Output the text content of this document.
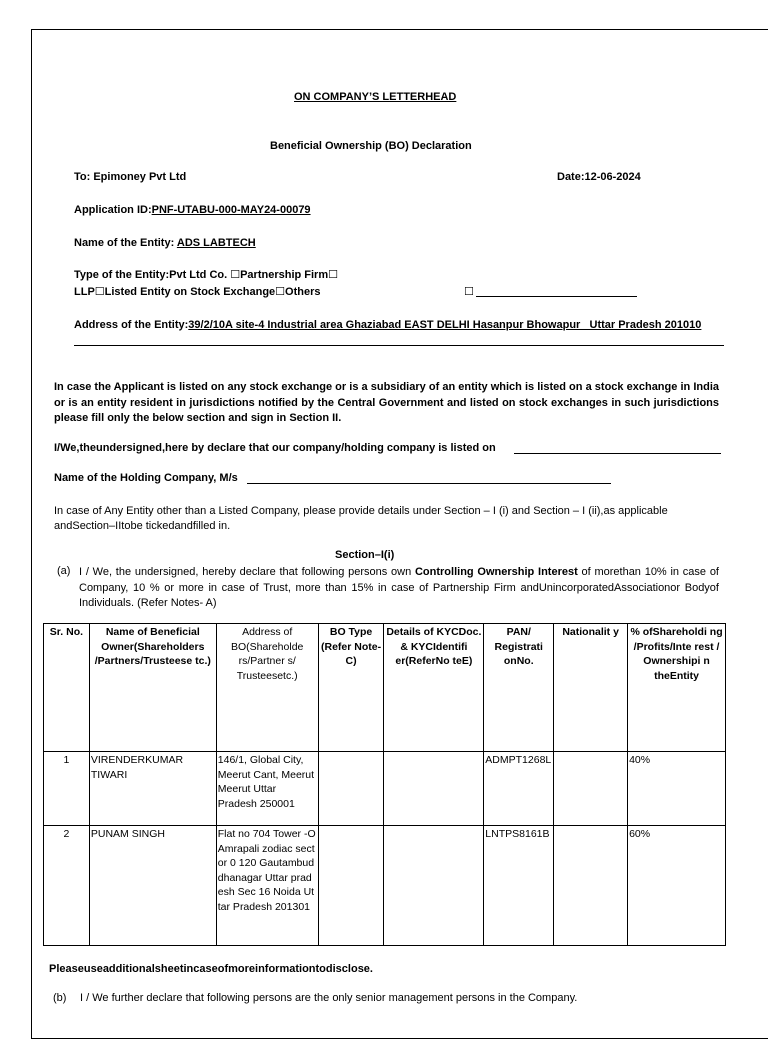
ON COMPANY’S LETTERHEAD
Beneficial Ownership (BO) Declaration
To: Epimoney Pvt Ltd	Date:12-06-2024
Application ID:PNF-UTABU-000-MAY24-00079
Name of the Entity: ADS LABTECH
Type of the Entity:Pvt Ltd Co. ☐Partnership Firm☐
LLP☐Listed Entity on Stock Exchange☐Others	☐
Address of the Entity:39/2/10A site-4 Industrial area Ghaziabad EAST DELHI Hasanpur Bhowapur   Uttar Pradesh 201010
In case the Applicant is listed on any stock exchange or is a subsidiary of an entity which is listed on a stock exchange in India or is an entity resident in jurisdictions notified by the Central Government and listed on stock exchanges in such jurisdictions please fill only the below section and sign in Section II.
I/We,theundersigned,here by declare that our company/holding company is listed on
Name of the Holding Company, M/s
In case of Any Entity other than a Listed Company, please provide details under Section – I (i) and Section – I (ii),as applicable
andSection–IItobe tickedandfilled in.
Section–I(i)
(a) I / We, the undersigned, hereby declare that following persons own Controlling Ownership Interest of morethan 10% in case of Company, 10 % or more in case of Trust, more than 15% in case of Partnership Firm andUnincorporatedAssociationor Bodyof Individuals. (Refer Notes- A)
Sr. No.	Name of Beneficial Owner(Shareholders /Partners/Trusteese tc.)	Address of BO(Shareholde rs/Partner s/ Trusteesetc.)	BO Type (Refer Note- C)	Details of KYCDoc. & KYCIdentifi er(ReferNo teE)	PAN/ Registrati onNo.	Nationalit y	% ofShareholdi ng /Profits/Inte rest / Ownershipi n theEntity
1	VIRENDERKUMAR TIWARI	146/1, Global City, Meerut Cant, Meerut Meerut Uttar Pradesh 250001			ADMPT1268L		40%
2	PUNAM SINGH	Flat no 704 Tower -O Amrapali zodiac sector 0 120 Gautambuddhanagar Uttar pradesh Sec 16 Noida Uttar Pradesh 201301			LNTPS8161B		60%
Pleaseuseadditionalsheetincaseofmoreinformationtodisclose.
(b) I / We further declare that following persons are the only senior management persons in the Company.
